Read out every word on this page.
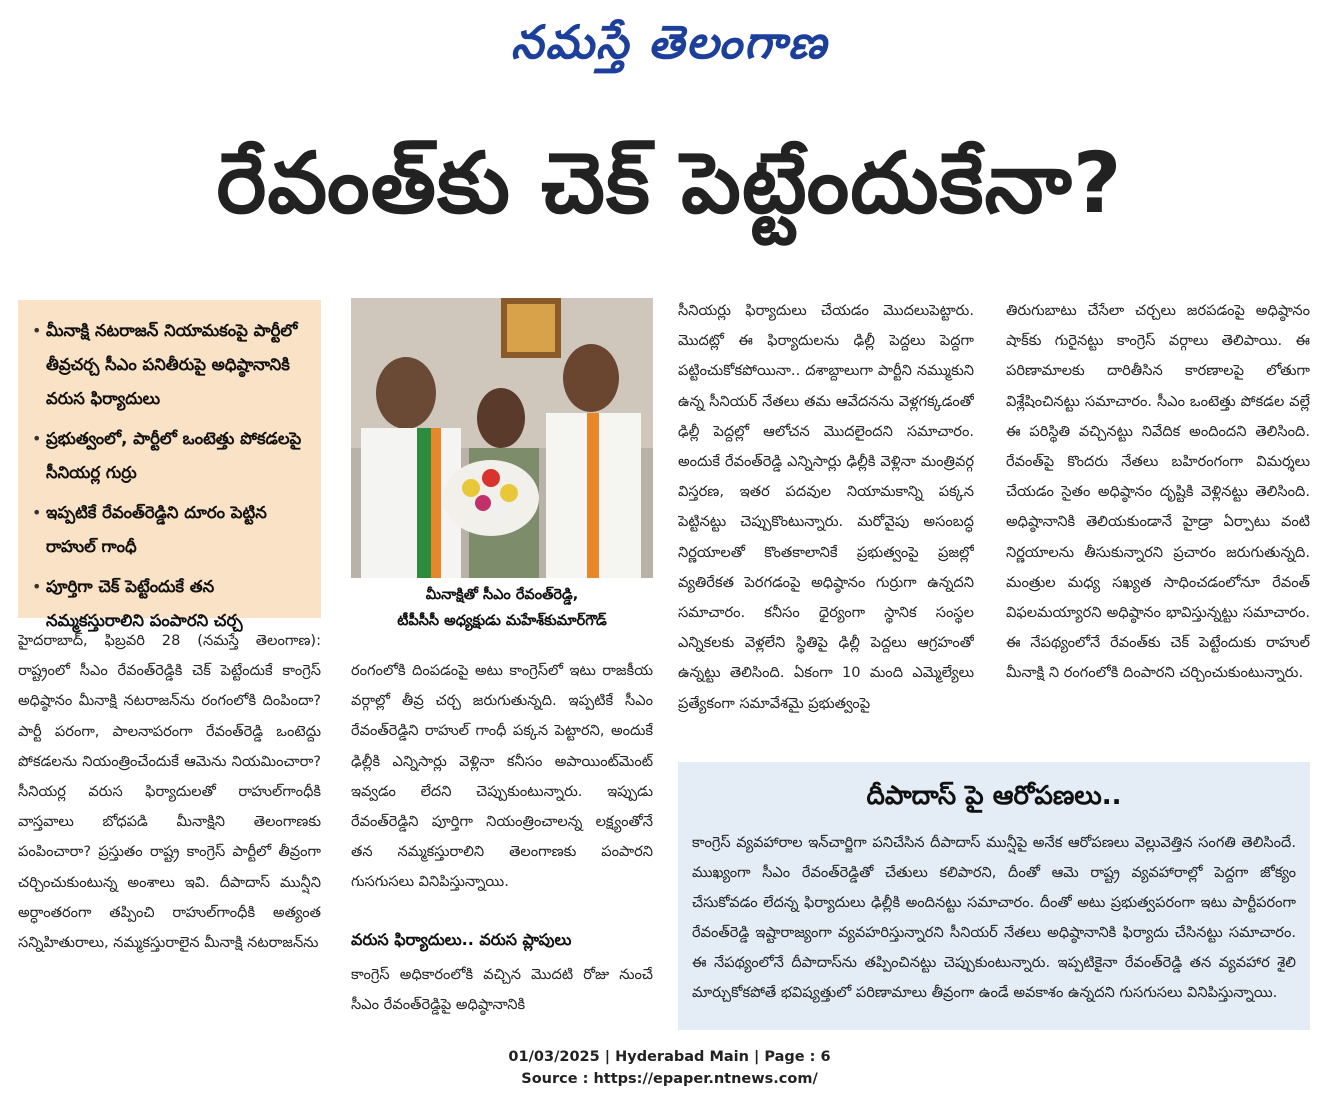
నమస్తే తెలంగాణ
రేవంత్‌కు చెక్ పెట్టేందుకేనా?
• మీనాక్షి నటరాజన్ నియామకంపై పార్టీలో తీవ్రచర్చ సీఎం పనితీరుపై అధిష్ఠానానికి వరుస ఫిర్యాదులు
• ప్రభుత్వంలో, పార్టీలో ఒంటెత్తు పోకడలపై సీనియర్ల గుర్రు
• ఇప్పటికే రేవంత్‌రెడ్డిని దూరం పెట్టిన రాహుల్ గాంధీ
• పూర్తిగా చెక్ పెట్టేందుకే తన నమ్మకస్తురాలిని పంపారని చర్చ
మీనాక్షితో సీఎం రేవంత్‌రెడ్డి,
టీపీసీసీ అధ్యక్షుడు మహేశ్‌కుమార్‌గౌడ్

హైదరాబాద్, ఫిబ్రవరి 28 (నమస్తే తెలంగాణ): రాష్ట్రంలో సీఎం రేవంత్‌రెడ్డికి చెక్ పెట్టేందుకే కాంగ్రెస్ అధిష్ఠానం మీనాక్షి నటరాజన్‌ను రంగంలోకి దింపిందా? పార్టీ పరంగా, పాలనాపరంగా రేవంత్‌రెడ్డి ఒంటెద్దు పోకడలను నియంత్రించేందుకే ఆమెను నియమించారా? సీనియర్ల వరుస ఫిర్యాదులతో రాహుల్‌గాంధీకి వాస్తవాలు బోధపడి మీనాక్షిని తెలంగాణకు పంపించారా? ప్రస్తుతం రాష్ట్ర కాంగ్రెస్ పార్టీలో తీవ్రంగా చర్చించుకుంటున్న అంశాలు ఇవి. దీపాదాస్ మున్షీని అర్ధాంతరంగా తప్పించి రాహుల్‌గాంధీకి అత్యంత సన్నిహితురాలు, నమ్మకస్తురాలైన మీనాక్షి నటరాజన్‌ను

రంగంలోకి దింపడంపై అటు కాంగ్రెస్‌లో ఇటు రాజకీయ వర్గాల్లో తీవ్ర చర్చ జరుగుతున్నది. ఇప్పటికే సీఎం రేవంత్‌రెడ్డిని రాహుల్ గాంధీ పక్కన పెట్టారని, అందుకే ఢిల్లీకి ఎన్నిసార్లు వెళ్లినా కనీసం అపాయింట్‌మెంట్ ఇవ్వడం లేదని చెప్పుకుంటున్నారు. ఇప్పుడు రేవంత్‌రెడ్డిని పూర్తిగా నియంత్రించాలన్న లక్ష్యంతోనే తన నమ్మకస్తురాలిని తెలంగాణకు పంపారని గుసగుసలు వినిపిస్తున్నాయి.

వరుస ఫిర్యాదులు.. వరుస ప్లాపులు

కాంగ్రెస్ అధికారంలోకి వచ్చిన మొదటి రోజు నుంచే సీఎం రేవంత్‌రెడ్డిపై అధిష్ఠానానికి

సీనియర్లు ఫిర్యాదులు చేయడం మొదలుపెట్టారు. మొదట్లో ఈ ఫిర్యాదులను ఢిల్లీ పెద్దలు పెద్దగా పట్టించుకోకపోయినా.. దశాబ్దాలుగా పార్టీని నమ్ముకుని ఉన్న సీనియర్ నేతలు తమ ఆవేదనను వెళ్లగక్కడంతో ఢిల్లీ పెద్దల్లో ఆలోచన మొదలైందని సమాచారం. అందుకే రేవంత్‌రెడ్డి ఎన్నిసార్లు ఢిల్లీకి వెళ్లినా మంత్రివర్గ విస్తరణ, ఇతర పదవుల నియామకాన్ని పక్కన పెట్టినట్టు చెప్పుకొంటున్నారు. మరోవైపు అసంబద్ధ నిర్ణయాలతో కొంతకాలానికే ప్రభుత్వంపై ప్రజల్లో వ్యతిరేకత పెరగడంపై అధిష్ఠానం గుర్రుగా ఉన్నదని సమాచారం. కనీసం ధైర్యంగా స్థానిక సంస్థల ఎన్నికలకు వెళ్లలేని స్థితిపై ఢిల్లీ పెద్దలు ఆగ్రహంతో ఉన్నట్టు తెలిసింది. ఏకంగా 10 మంది ఎమ్మెల్యేలు ప్రత్యేకంగా సమావేశమై ప్రభుత్వంపై

తిరుగుబాటు చేసేలా చర్చలు జరపడంపై అధిష్ఠానం షాక్‌కు గురైనట్టు కాంగ్రెస్ వర్గాలు తెలిపాయి. ఈ పరిణామాలకు దారితీసిన కారణాలపై లోతుగా విశ్లేషించినట్టు సమాచారం. సీఎం ఒంటెత్తు పోకడల వల్లే ఈ పరిస్థితి వచ్చినట్టు నివేదిక అందిందని తెలిసింది. రేవంత్‌పై కొందరు నేతలు బహిరంగంగా విమర్శలు చేయడం సైతం అధిష్ఠానం దృష్టికి వెళ్లినట్టు తెలిసింది. అధిష్ఠానానికి తెలియకుండానే హైడ్రా ఏర్పాటు వంటి నిర్ణయాలను తీసుకున్నారని ప్రచారం జరుగుతున్నది. మంత్రుల మధ్య సఖ్యత సాధించడంలోనూ రేవంత్ విఫలమయ్యారని అధిష్ఠానం భావిస్తున్నట్టు సమాచారం. ఈ నేపథ్యంలోనే రేవంత్‌కు చెక్ పెట్టేందుకు రాహుల్ మీనాక్షి ని రంగంలోకి దింపారని చర్చించుకుంటున్నారు.

దీపాదాస్ పై ఆరోపణలు..
కాంగ్రెస్ వ్యవహారాల ఇన్‌చార్జిగా పనిచేసిన దీపాదాస్ మున్షీపై అనేక ఆరోపణలు వెల్లువెత్తిన సంగతి తెలిసిందే. ముఖ్యంగా సీఎం రేవంత్‌రెడ్డితో చేతులు కలిపారని, దీంతో ఆమె రాష్ట్ర వ్యవహారాల్లో పెద్దగా జోక్యం చేసుకోవడం లేదన్న ఫిర్యాదులు ఢిల్లీకి అందినట్టు సమాచారం. దీంతో అటు ప్రభుత్వపరంగా ఇటు పార్టీపరంగా రేవంత్‌రెడ్డి ఇష్టారాజ్యంగా వ్యవహరిస్తున్నారని సీనియర్ నేతలు అధిష్ఠానానికి ఫిర్యాదు చేసినట్టు సమాచారం. ఈ నేపథ్యంలోనే దీపాదాస్‌ను తప్పించినట్టు చెప్పుకుంటున్నారు. ఇప్పటికైనా రేవంత్‌రెడ్డి తన వ్యవహార శైలి మార్చుకోకపోతే భవిష్యత్తులో పరిణామాలు తీవ్రంగా ఉండే అవకాశం ఉన్నదని గుసగుసలు వినిపిస్తున్నాయి.
01/03/2025 | Hyderabad Main | Page : 6
Source : https://epaper.ntnews.com/
